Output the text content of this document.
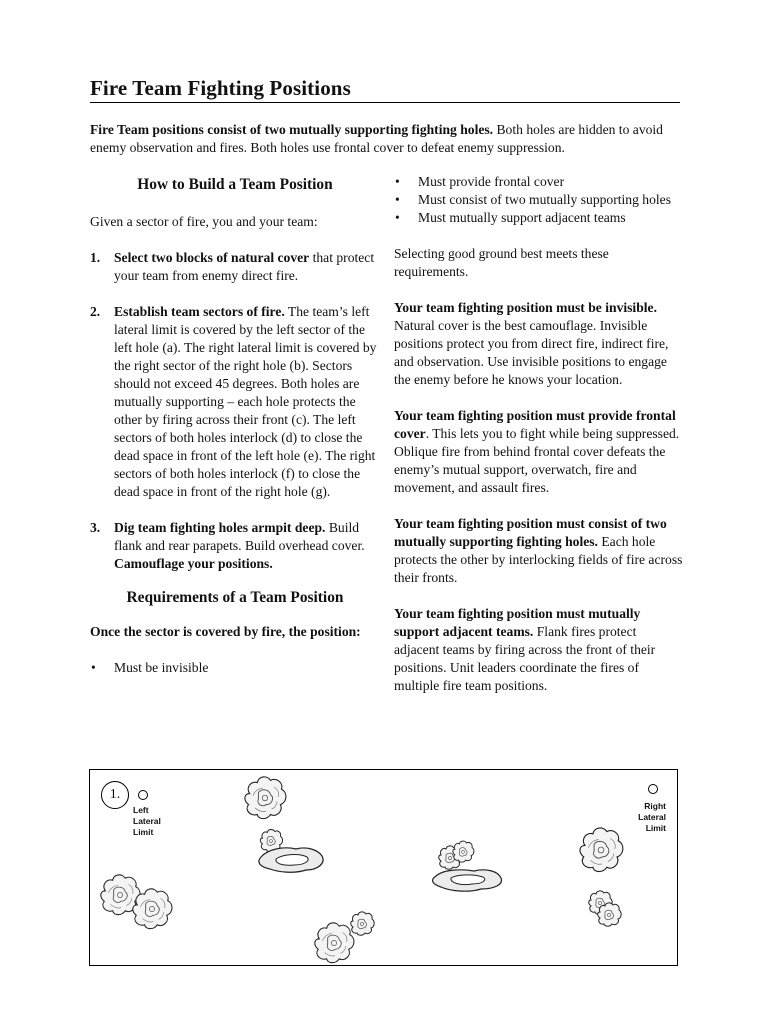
Fire Team Fighting Positions

Fire Team positions consist of two mutually supporting fighting holes. Both holes are hidden to avoid enemy observation and fires. Both holes use frontal cover to defeat enemy suppression.

How to Build a Team Position

Given a sector of fire, you and your team:

1. Select two blocks of natural cover that protect your team from enemy direct fire.
2. Establish team sectors of fire. The team’s left lateral limit is covered by the left sector of the left hole (a). The right lateral limit is covered by the right sector of the right hole (b). Sectors should not exceed 45 degrees. Both holes are mutually supporting – each hole protects the other by firing across their front (c). The left sectors of both holes interlock (d) to close the dead space in front of the left hole (e). The right sectors of both holes interlock (f) to close the dead space in front of the right hole (g).
3. Dig team fighting holes armpit deep. Build flank and rear parapets. Build overhead cover. Camouflage your positions.
Requirements of a Team Position

Once the sector is covered by fire, the position:

• Must be invisible
• Must provide frontal cover
• Must consist of two mutually supporting holes
• Must mutually support adjacent teams

Selecting good ground best meets these requirements.

Your team fighting position must be invisible. Natural cover is the best camouflage. Invisible positions protect you from direct fire, indirect fire, and observation. Use invisible positions to engage the enemy before he knows your location.

Your team fighting position must provide frontal cover. This lets you to fight while being suppressed. Oblique fire from behind frontal cover defeats the enemy’s mutual support, overwatch, fire and movement, and assault fires.

Your team fighting position must consist of two mutually supporting fighting holes. Each hole protects the other by interlocking fields of fire across their fronts.

Your team fighting position must mutually support adjacent teams. Flank fires protect adjacent teams by firing across the front of their positions. Unit leaders coordinate the fires of multiple fire team positions.

1.
Left
Lateral
Limit
Right
Lateral
Limit
